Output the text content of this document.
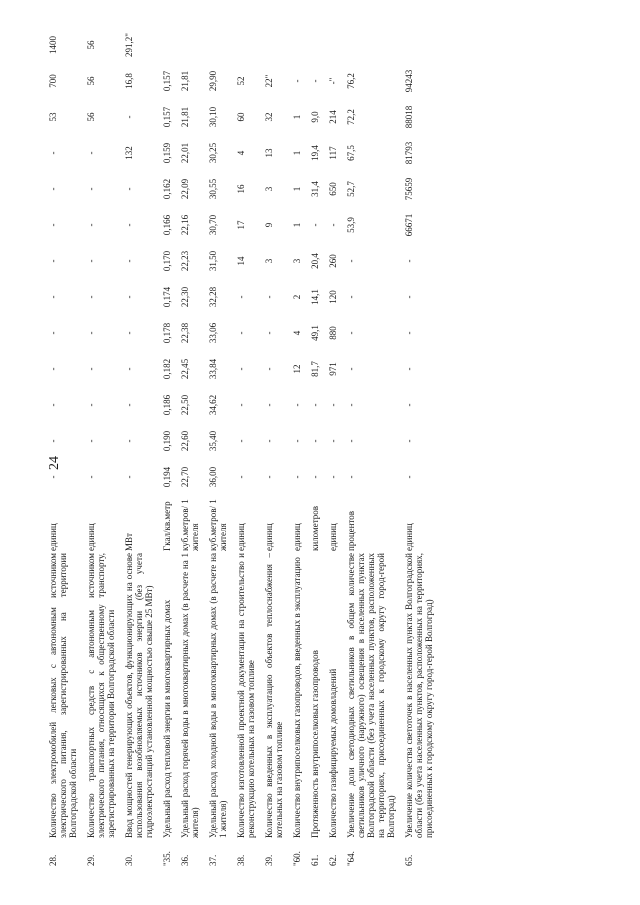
24
28.	Количество электромобилей легковых с автономным источником электрического питания, зарегистрированных на территории Волгоградской области	единиц	-	-	-	-	-	-	-	-	-	-	53	700	1400
29.	Количество транспортных средств с автономным источником электрического питания, относящихся к общественному транспорту, зарегистрированных на территории Волгоградской области	единиц	-	-	-	-	-	-	-	-	-	-	56	56	56
30.	Ввод мощностей генерирующих объектов, функционирующих на основе использования возобновляемых источников энергии (без учета гидроэлектростанций установленной мощностью свыше 25 МВт)	МВт	-	-	-	-	-	-	-	-	-	132	-	16,8	291,2"
"35.	Удельный расход тепловой энергии в многоквартирных домах	Гкал/кв.метр	0,194	0,190	0,186	0,182	0,178	0,174	0,170	0,166	0,162	0,159	0,157	0,157	
36.	Удельный расход горячей воды в многоквартирных домах (в расчете на 1 жителя)	куб.метров/ 1 жителя	22,70	22,60	22,50	22,45	22,38	22,30	22,23	22,16	22,09	22,01	21,81	21,81	
37.	Удельный расход холодной воды в многоквартирных домах (в расчете на 1 жителя)	куб.метров/ 1 жителя	36,00	35,40	34,62	33,84	33,06	32,28	31,50	30,70	30,55	30,25	30,10	29,90	
38.	Количество изготовленной проектной документации на строительство и реконструкцию котельных на газовом топливе	единиц	-	-	-	-	-	-	14	17	16	4	60	52	
39.	Количество введенных в эксплуатацию объектов теплоснабжения – котельных на газовом топливе	единиц	-	-	-	-	-	-	3	9	3	13	32	22"	
"60.	Количество внутрипоселковых газопроводов, введенных в эксплуатацию	единиц	-	-	-	12	4	2	3	1	1	1	1	-	
61.	Протяженность внутрипоселковых газопроводов	километров	-	-	-	81,7	49,1	14,1	20,4	-	31,4	19,4	9,0	-	
62.	Количество газифицируемых домовладений	единиц	-	-	-	971	880	120	260	-	650	117	214	-"	
"64.	Увеличение доли светодиодных светильников в общем количестве светильников уличного (наружного) освещения в населенных пунктах Волгоградской области (без учета населенных пунктов, расположенных на территориях, присоединенных к городскому округу город-герой Волгоград)	процентов	-	-	-	-	-	-	-	53,9	52,7	67,5	72,2	76,2	
65.	Увеличение количества светоточек в населенных пунктах Волгоградской области (без учета населенных пунктов, расположенных на территориях, присоединенных к городскому округу город-герой Волгоград)	единиц	-	-	-	-	-	-	-	66671	75659	81793	88018	94243	
